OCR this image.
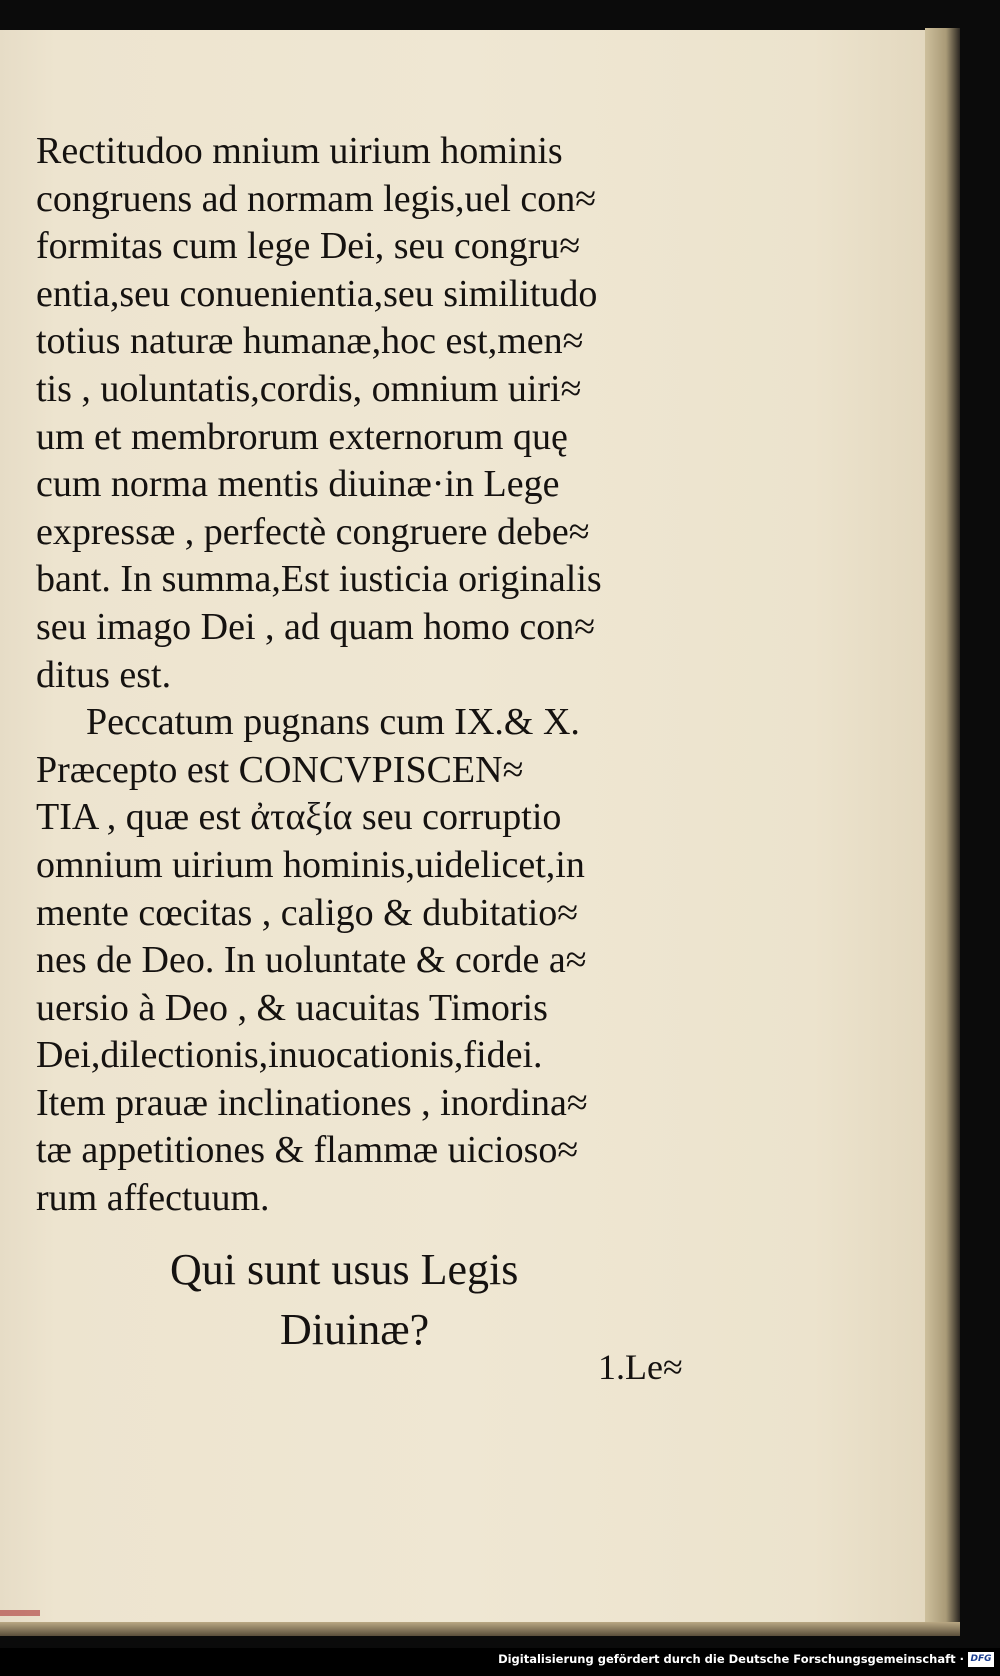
Rectitudoo mnium uirium hominis
congruens ad normam legis,uel con≈
formitas cum lege Dei, seu congru≈
entia,seu conuenientia,seu similitudo
totius naturæ humanæ,hoc est,men≈
tis , uoluntatis,cordis, omnium uiri≈
um et membrorum externorum quę
cum norma mentis diuinæ·in Lege
expressæ , perfectè congruere debe≈
bant. In summa,Est iusticia originalis
seu imago Dei , ad quam homo con≈
ditus est.
Peccatum pugnans cum IX.& X.
Præcepto est CONCVPISCEN≈
TIA , quæ est ἀταξία seu corruptio
omnium uirium hominis,uidelicet,in
mente cœcitas , caligo & dubitatio≈
nes de Deo. In uoluntate & corde a≈
uersio à Deo , & uacuitas Timoris
Dei,dilectionis,inuocationis,fidei.
Item prauæ inclinationes , inordina≈
tæ appetitiones & flammæ uicioso≈
rum affectuum.
Qui sunt usus Legis
Diuinæ?
1.Le≈
Digitalisierung gefördert durch die Deutsche Forschungsgemeinschaft · DFG
